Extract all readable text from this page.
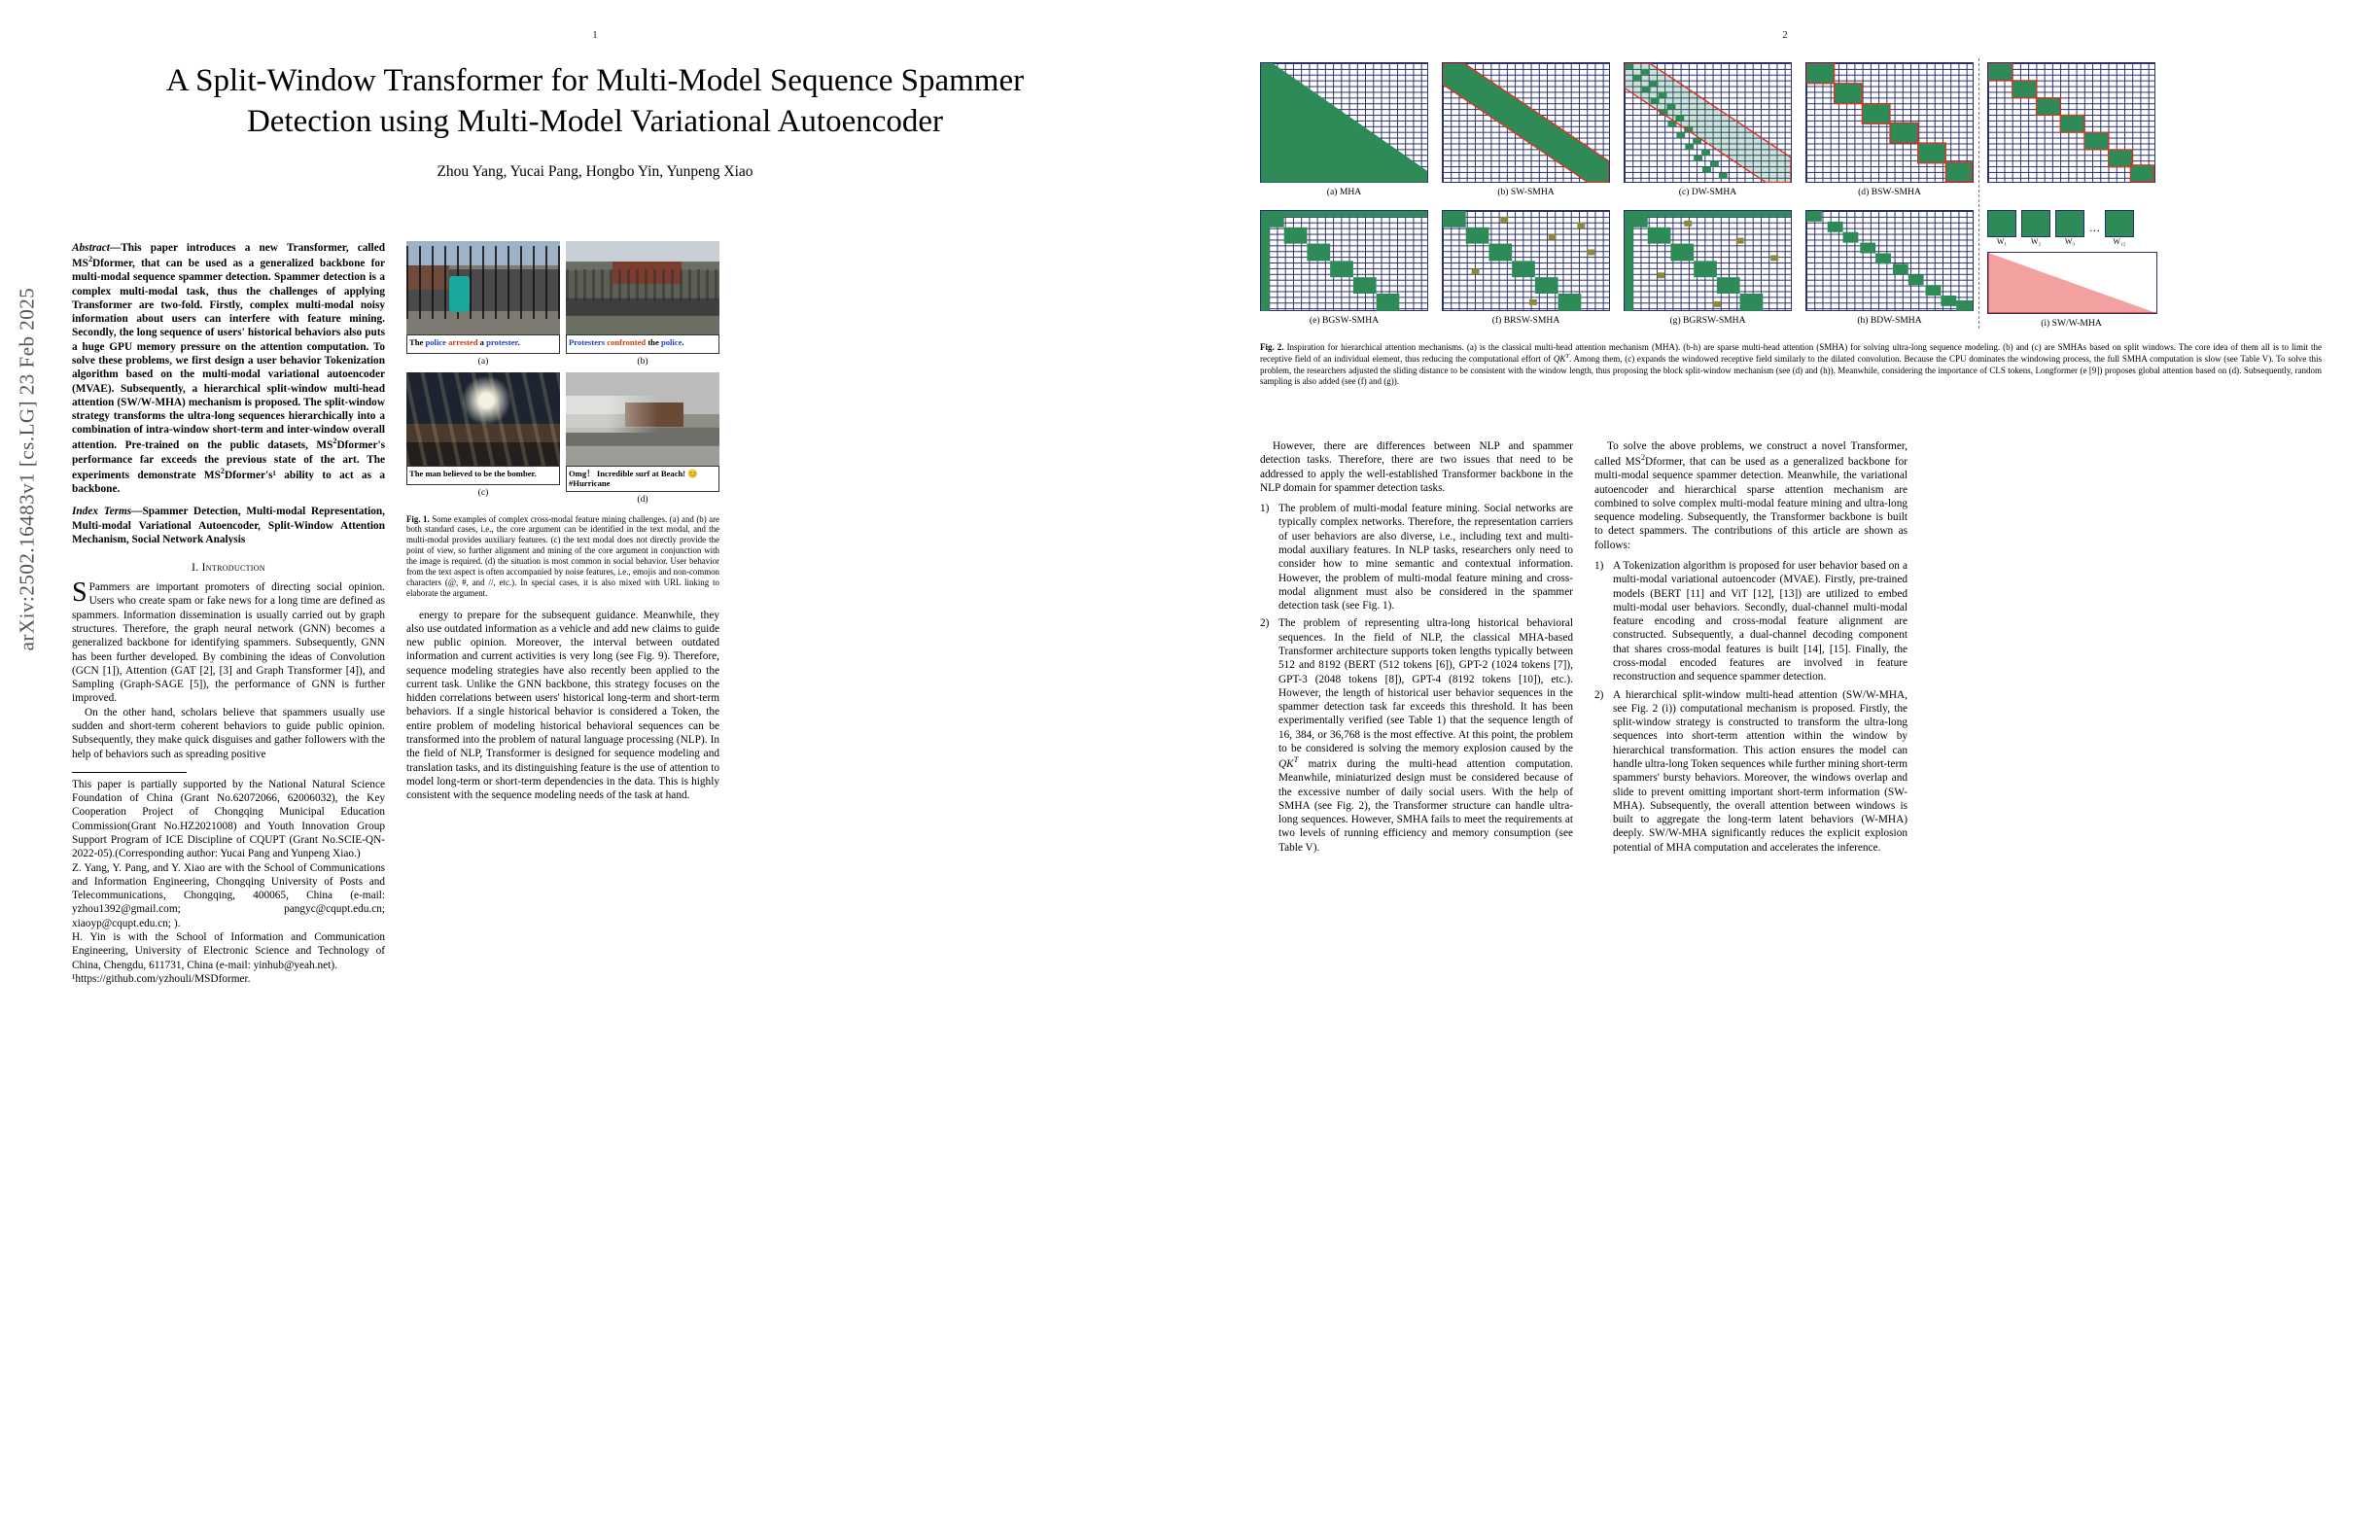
1
arXiv:2502.16483v1 [cs.LG] 23 Feb 2025
A Split-Window Transformer for Multi-Model Sequence Spammer Detection using Multi-Model Variational Autoencoder
Zhou Yang, Yucai Pang, Hongbo Yin, Yunpeng Xiao
Abstract—This paper introduces a new Transformer, called $MS^2Dformer$, that can be used as a generalized backbone for multi-modal sequence spammer detection. Spammer detection is a complex multi-modal task, thus the challenges of applying Transformer are two-fold. Firstly, complex multi-modal noisy information about users can interfere with feature mining. Secondly, the long sequence of users' historical behaviors also puts a huge GPU memory pressure on the attention computation. To solve these problems, we first design a user behavior Tokenization algorithm based on the multi-modal variational autoencoder (MVAE). Subsequently, a hierarchical split-window multi-head attention (SW/W-MHA) mechanism is proposed. The split-window strategy transforms the ultra-long sequences hierarchically into a combination of intra-window short-term and inter-window overall attention. Pre-trained on the public datasets, $MS^2Dformer's$ performance far exceeds the previous state of the art. The experiments demonstrate $MS^2Dformer's^1$ ability to act as a backbone.
Index Terms—Spammer Detection, Multi-modal Representation, Multi-modal Variational Autoencoder, Split-Window Attention Mechanism, Social Network Analysis
I. Introduction

S Pammers are important promoters of directing social opinion. Users who create spam or fake news for a long time are defined as spammers. Information dissemination is usually carried out by graph structures. Therefore, the graph neural network (GNN) becomes a generalized backbone for identifying spammers. Subsequently, GNN has been further developed. By combining the ideas of Convolution (GCN [1]), Attention (GAT [2], [3] and Graph Transformer [4]), and Sampling (Graph-SAGE [5]), the performance of GNN is further improved.

On the other hand, scholars believe that spammers usually use sudden and short-term coherent behaviors to guide public opinion. Subsequently, they make quick disguises and gather followers with the help of behaviors such as spreading positive

This paper is partially supported by the National Natural Science Foundation of China (Grant No.62072066, 62006032), the Key Cooperation Project of Chongqing Municipal Education Commission(Grant No.HZ2021008) and Youth Innovation Group Support Program of ICE Discipline of CQUPT (Grant No.SCIE-QN-2022-05).(Corresponding author: Yucai Pang and Yunpeng Xiao.)

Z. Yang, Y. Pang, and Y. Xiao are with the School of Communications and Information Engineering, Chongqing University of Posts and Telecommunications, Chongqing, 400065, China (e-mail: yzhou1392@gmail.com; pangyc@cqupt.edu.cn; xiaoyp@cqupt.edu.cn; ).

H. Yin is with the School of Information and Communication Engineering, University of Electronic Science and Technology of China, Chengdu, 611731, China (e-mail: yinhub@yeah.net).

¹https://github.com/yzhouli/MSDformer.

The police arrested a protester.
(a)
Protesters confronted the police.
(b)
The man believed to be the bomber.
(c)
Omg！ Incredible surf at Beach! 😊#Hurricane
(d)
Fig. 1. Some examples of complex cross-modal feature mining challenges. (a) and (b) are both standard cases, i.e., the core argument can be identified in the text modal, and the multi-modal provides auxiliary features. (c) the text modal does not directly provide the point of view, so further alignment and mining of the core argument in conjunction with the image is required. (d) the situation is most common in social behavior. User behavior from the text aspect is often accompanied by noise features, i.e., emojis and non-common characters (@, #, and //, etc.). In special cases, it is also mixed with URL linking to elaborate the argument.

energy to prepare for the subsequent guidance. Meanwhile, they also use outdated information as a vehicle and add new claims to guide new public opinion. Moreover, the interval between outdated information and current activities is very long (see Fig. 9). Therefore, sequence modeling strategies have also recently been applied to the current task. Unlike the GNN backbone, this strategy focuses on the hidden correlations between users' historical long-term and short-term behaviors. If a single historical behavior is considered a Token, the entire problem of modeling historical behavioral sequences can be transformed into the problem of natural language processing (NLP). In the field of NLP, Transformer is designed for sequence modeling and translation tasks, and its distinguishing feature is the use of attention to model long-term or short-term dependencies in the data. This is highly consistent with the sequence modeling needs of the task at hand.

2
(a) MHA	(b) SW-SMHA	(c) DW-SMHA	(d) BSW-SMHA
(e) BGSW-SMHA	(f) BRSW-SMHA	(g) BGRSW-SMHA	(h) BDW-SMHA
W₁	W₂	W₃
…
W₁₂
(i) SW/W-MHA
Fig. 2. Inspiration for hierarchical attention mechanisms. (a) is the classical multi-head attention mechanism (MHA). (b-h) are sparse multi-head attention (SMHA) for solving ultra-long sequence modeling. (b) and (c) are SMHAs based on split windows. The core idea of them all is to limit the receptive field of an individual element, thus reducing the computational effort of $QK^T$. Among them, (c) expands the windowed receptive field similarly to the dilated convolution. Because the CPU dominates the windowing process, the full SMHA computation is slow (see Table V). To solve this problem, the researchers adjusted the sliding distance to be consistent with the window length, thus proposing the block split-window mechanism (see (d) and (h)). Meanwhile, considering the importance of CLS tokens, Longformer (e [9]) proposes global attention based on (d). Subsequently, random sampling is also added (see (f) and (g)).

However, there are differences between NLP and spammer detection tasks. Therefore, there are two issues that need to be addressed to apply the well-established Transformer backbone in the NLP domain for spammer detection tasks.

1) The problem of multi-modal feature mining. Social networks are typically complex networks. Therefore, the representation carriers of user behaviors are also diverse, i.e., including text and multi-modal auxiliary features. In NLP tasks, researchers only need to consider how to mine semantic and contextual information. However, the problem of multi-modal feature mining and cross-modal alignment must also be considered in the spammer detection task (see Fig. 1).
2) The problem of representing ultra-long historical behavioral sequences. In the field of NLP, the classical MHA-based Transformer architecture supports token lengths typically between 512 and 8192 (BERT (512 tokens [6]), GPT-2 (1024 tokens [7]), GPT-3 (2048 tokens [8]), GPT-4 (8192 tokens [10]), etc.). However, the length of historical user behavior sequences in the spammer detection task far exceeds this threshold. It has been experimentally verified (see Table 1) that the sequence length of 16, 384, or 36,768 is the most effective. At this point, the problem to be considered is solving the memory explosion caused by the $QK^T$ matrix during the multi-head attention computation. Meanwhile, miniaturized design must be considered because of the excessive number of daily social users. With the help of SMHA (see Fig. 2), the Transformer structure can handle ultra-long sequences. However, SMHA fails to meet the requirements at two levels of running efficiency and memory consumption (see Table V).

To solve the above problems, we construct a novel Transformer, called $MS^2Dformer$, that can be used as a generalized backbone for multi-modal sequence spammer detection. Meanwhile, the variational autoencoder and hierarchical sparse attention mechanism are combined to solve complex multi-modal feature mining and ultra-long sequence modeling. Subsequently, the Transformer backbone is built to detect spammers. The contributions of this article are shown as follows:

1) A Tokenization algorithm is proposed for user behavior based on a multi-modal variational autoencoder (MVAE). Firstly, pre-trained models (BERT [11] and ViT [12], [13]) are utilized to embed multi-modal user behaviors. Secondly, dual-channel multi-modal feature encoding and cross-modal feature alignment are constructed. Subsequently, a dual-channel decoding component that shares cross-modal features is built [14], [15]. Finally, the cross-modal encoded features are involved in feature reconstruction and sequence spammer detection.
2) A hierarchical split-window multi-head attention (SW/W-MHA, see Fig. 2 (i)) computational mechanism is proposed. Firstly, the split-window strategy is constructed to transform the ultra-long sequences into short-term attention within the window by hierarchical transformation. This action ensures the model can handle ultra-long Token sequences while further mining short-term spammers' bursty behaviors. Moreover, the windows overlap and slide to prevent omitting important short-term information (SW-MHA). Subsequently, the overall attention between windows is built to aggregate the long-term latent behaviors (W-MHA) deeply. SW/W-MHA significantly reduces the explicit explosion potential of MHA computation and accelerates the inference.
